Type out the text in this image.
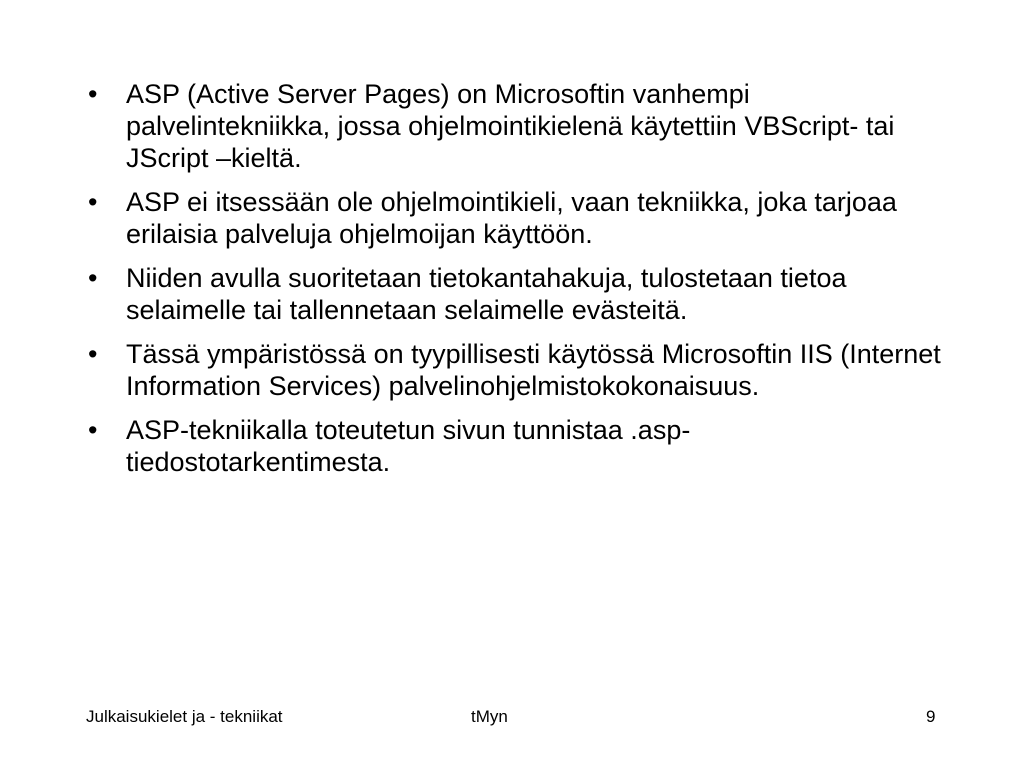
• ASP (Active Server Pages) on Microsoftin vanhempi palvelintekniikka, jossa ohjelmointikielenä käytettiin VBScript- tai JScript –kieltä.
• ASP ei itsessään ole ohjelmointikieli, vaan tekniikka, joka tarjoaa erilaisia palveluja ohjelmoijan käyttöön.
• Niiden avulla suoritetaan tietokantahakuja, tulostetaan tietoa selaimelle tai tallennetaan selaimelle evästeitä.
• Tässä ympäristössä on tyypillisesti käytössä Microsoftin IIS (Internet Information Services) palvelinohjelmistokokonaisuus.
• ASP-tekniikalla toteutetun sivun tunnistaa .asp-tiedostotarkentimesta.
Julkaisukielet ja - tekniikat	tMyn	9
